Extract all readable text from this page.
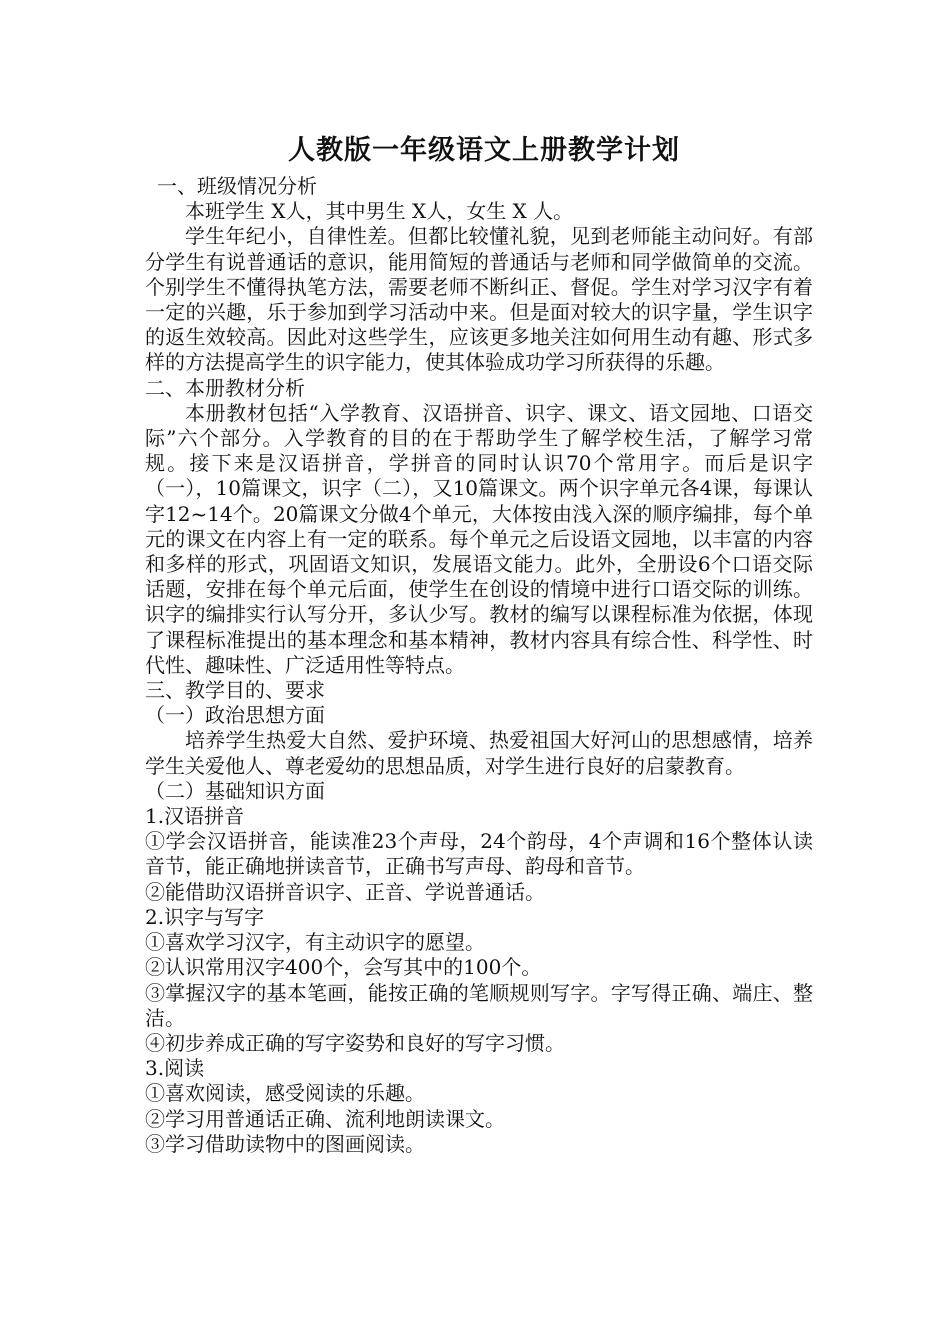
人教版一年级语文上册教学计划

一、班级情况分析

本班学生 X人，其中男生 X人，女生 X 人。

学生年纪小，自律性差。但都比较懂礼貌，见到老师能主动问好。有部分学生有说普通话的意识，能用简短的普通话与老师和同学做简单的交流。个别学生不懂得执笔方法，需要老师不断纠正、督促。学生对学习汉字有着一定的兴趣，乐于参加到学习活动中来。但是面对较大的识字量，学生识字的返生效较高。因此对这些学生，应该更多地关注如何用生动有趣、形式多样的方法提高学生的识字能力，使其体验成功学习所获得的乐趣。

二、本册教材分析

本册教材包括“入学教育、汉语拼音、识字、课文、语文园地、口语交际”六个部分。入学教育的目的在于帮助学生了解学校生活，了解学习常规。接下来是汉语拼音，学拼音的同时认识70个常用字。而后是识字（一），10篇课文，识字（二），又10篇课文。两个识字单元各4课，每课认字12~14个。20篇课文分做4个单元，大体按由浅入深的顺序编排，每个单元的课文在内容上有一定的联系。每个单元之后设语文园地，以丰富的内容和多样的形式，巩固语文知识，发展语文能力。此外，全册设6个口语交际话题，安排在每个单元后面，使学生在创设的情境中进行口语交际的训练。识字的编排实行认写分开，多认少写。教材的编写以课程标准为依据，体现了课程标准提出的基本理念和基本精神，教材内容具有综合性、科学性、时代性、趣味性、广泛适用性等特点。

三、教学目的、要求

（一）政治思想方面

培养学生热爱大自然、爱护环境、热爱祖国大好河山的思想感情，培养学生关爱他人、尊老爱幼的思想品质，对学生进行良好的启蒙教育。

（二）基础知识方面

1.汉语拼音

①学会汉语拼音，能读准23个声母，24个韵母，4个声调和16个整体认读音节，能正确地拼读音节，正确书写声母、韵母和音节。

②能借助汉语拼音识字、正音、学说普通话。

2.识字与写字

①喜欢学习汉字，有主动识字的愿望。

②认识常用汉字400个，会写其中的100个。

③掌握汉字的基本笔画，能按正确的笔顺规则写字。字写得正确、端庄、整洁。

④初步养成正确的写字姿势和良好的写字习惯。

3.阅读

①喜欢阅读，感受阅读的乐趣。

②学习用普通话正确、流利地朗读课文。

③学习借助读物中的图画阅读。
